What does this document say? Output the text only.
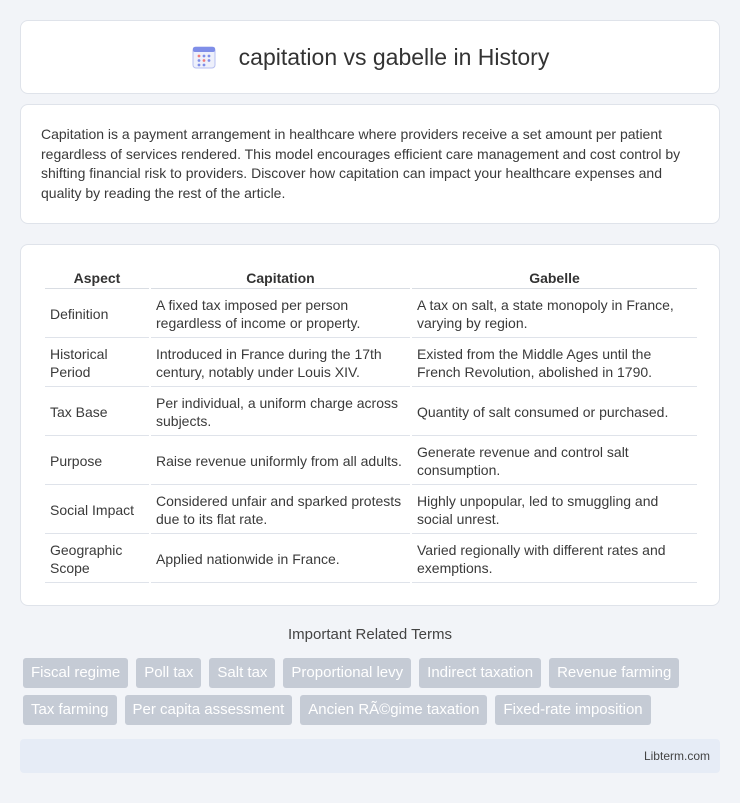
capitation vs gabelle in History

Capitation is a payment arrangement in healthcare where providers receive a set amount per patient regardless of services rendered. This model encourages efficient care management and cost control by shifting financial risk to providers. Discover how capitation can impact your healthcare expenses and quality by reading the rest of the article.

Aspect	Capitation	Gabelle
Definition	A fixed tax imposed per person regardless of income or property.	A tax on salt, a state monopoly in France, varying by region.
Historical Period	Introduced in France during the 17th century, notably under Louis XIV.	Existed from the Middle Ages until the French Revolution, abolished in 1790.
Tax Base	Per individual, a uniform charge across subjects.	Quantity of salt consumed or purchased.
Purpose	Raise revenue uniformly from all adults.	Generate revenue and control salt consumption.
Social Impact	Considered unfair and sparked protests due to its flat rate.	Highly unpopular, led to smuggling and social unrest.
Geographic Scope	Applied nationwide in France.	Varied regionally with different rates and exemptions.
Important Related Terms
Fiscal regime	Poll tax	Salt tax	Proportional levy	Indirect taxation	Revenue farming
Tax farming	Per capita assessment	Ancien RÃ©gime taxation	Fixed-rate imposition
Libterm.com
